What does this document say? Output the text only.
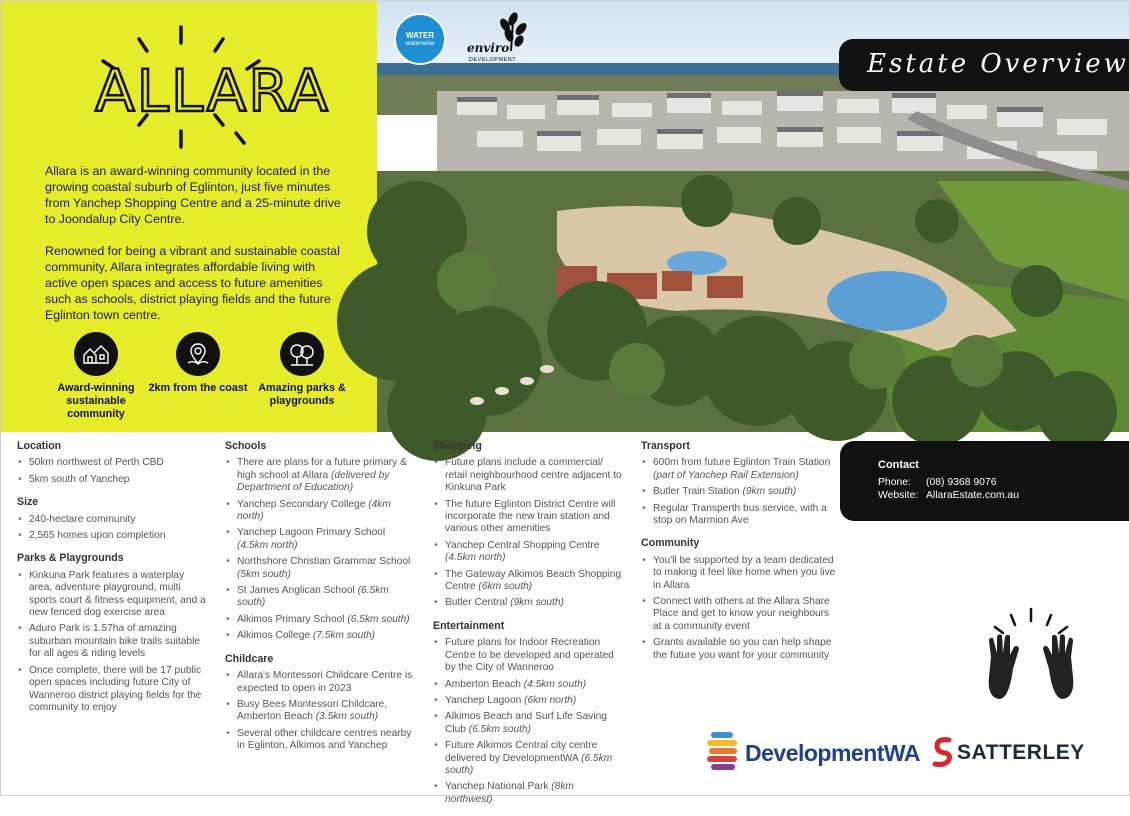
ALLARA

Allara is an award-winning community located in the growing coastal suburb of Eglinton, just five minutes from Yanchep Shopping Centre and a 25-minute drive to Joondalup City Centre.

Renowned for being a vibrant and sustainable coastal community, Allara integrates affordable living with active open spaces and access to future amenities such as schools, district playing fields and the future Eglinton town centre.

Award-winning sustainable community
2km from the coast Amazing parks & playgrounds
WATER
waterwise	enviro
DEVELOPMENT	Estate Overview
Location
• 50km northwest of Perth CBD
• 5km south of Yanchep
Size
• 240-hectare community
• 2,565 homes upon completion
Parks & Playgrounds
• Kinkuna Park features a waterplay area, adventure playground, multi sports court & fitness equipment, and a new fenced dog exercise area
• Aduro Park is 1.57ha of amazing suburban mountain bike trails suitable for all ages & riding levels
• Once complete, there will be 17 public open spaces including future City of Wanneroo district playing fields for the community to enjoy
Schools
• There are plans for a future primary & high school at Allara (delivered by Department of Education)
• Yanchep Secondary College (4km north)
• Yanchep Lagoon Primary School (4.5km north)
• Northshore Christian Grammar School (5km south)
• St James Anglican School (6.5km south)
• Alkimos Primary School (6.5km south)
• Alkimos College (7.5km south)
Childcare
• Allara's Montessori Childcare Centre is expected to open in 2023
• Busy Bees Montessori Childcare, Amberton Beach (3.5km south)
• Several other childcare centres nearby in Eglinton, Alkimos and Yanchep
Shopping
• Future plans include a commercial/ retail neighbourhood centre adjacent to Kinkuna Park
• The future Eglinton District Centre will incorporate the new train station and various other amenities
• Yanchep Central Shopping Centre (4.5km north)
• The Gateway Alkimos Beach Shopping Centre (6km south)
• Butler Central (9km south)
Entertainment
• Future plans for Indoor Recreation Centre to be developed and operated by the City of Wanneroo
• Amberton Beach (4.5km south)
• Yanchep Lagoon (6km north)
• Alkimos Beach and Surf Life Saving Club (6.5km south)
• Future Alkimos Central city centre delivered by DevelopmentWA (6.5km south)
• Yanchep National Park (8km northwest)
Transport
• 600m from future Eglinton Train Station (part of Yanchep Rail Extension)
• Butler Train Station (9km south)
• Regular Transperth bus service, with a stop on Marmion Ave
Community
• You'll be supported by a team dedicated to making it feel like home when you live in Allara
• Connect with others at the Allara Share Place and get to know your neighbours at a community event
• Grants available so you can help shape the future you want for your community
Contact
Phone:	(08) 9368 9076
Website: AllaraEstate.com.au
DevelopmentWA SATTERLEY
